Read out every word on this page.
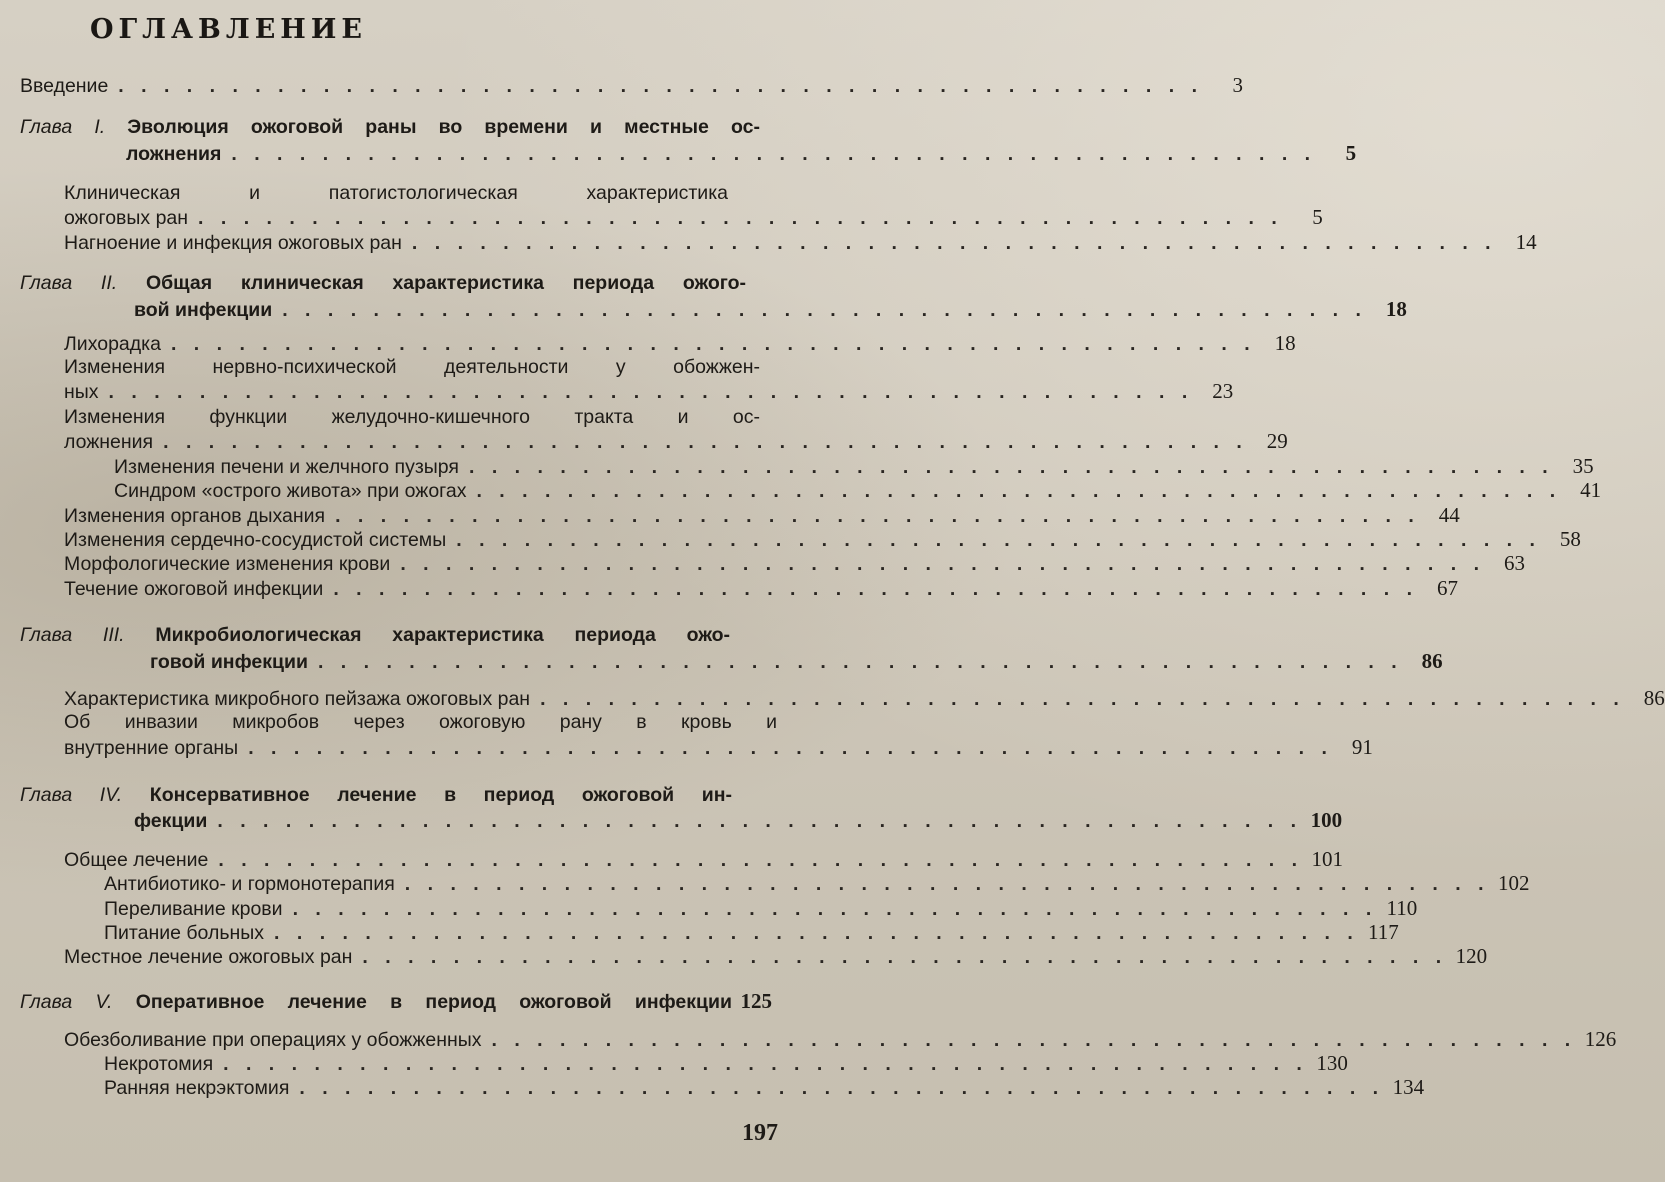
ОГЛАВЛЕНИЕ
Введение . . . . . . . . . . . . . . . . . . . . . . . . . . . . . . . . . . . . . . . . . . . . . . . .	3
Глава I. Эволюция ожоговой раны во времени и местные ос-
ложнения . . . . . . . . . . . . . . . . . . . . . . . . . . . . . . . . . . . . . . . . . . . . . . . .	5
Клиническая и патогистологическая характеристика
ожоговых ран . . . . . . . . . . . . . . . . . . . . . . . . . . . . . . . . . . . . . . . . . . . . . . . .	5
Нагноение и инфекция ожоговых ран . . . . . . . . . . . . . . . . . . . . . . . . . . . . . . . . . . . . . . . . . . . . . . . . 14
Глава II. Общая клиническая характеристика периода ожого-
вой инфекции . . . . . . . . . . . . . . . . . . . . . . . . . . . . . . . . . . . . . . . . . . . . . . . . 18
Лихорадка . . . . . . . . . . . . . . . . . . . . . . . . . . . . . . . . . . . . . . . . . . . . . . . . 18
Изменения нервно-психической деятельности у обожжен-
ных . . . . . . . . . . . . . . . . . . . . . . . . . . . . . . . . . . . . . . . . . . . . . . . . 23
Изменения функции желудочно-кишечного тракта и ос-
ложнения . . . . . . . . . . . . . . . . . . . . . . . . . . . . . . . . . . . . . . . . . . . . . . . . 29
Изменения печени и желчного пузыря . . . . . . . . . . . . . . . . . . . . . . . . . . . . . . . . . . . . . . . . . . . . . . . . 35
Синдром «острого живота» при ожогах . . . . . . . . . . . . . . . . . . . . . . . . . . . . . . . . . . . . . . . . . . . . . . . . 41
Изменения органов дыхания . . . . . . . . . . . . . . . . . . . . . . . . . . . . . . . . . . . . . . . . . . . . . . . . 44
Изменения сердечно-сосудистой системы . . . . . . . . . . . . . . . . . . . . . . . . . . . . . . . . . . . . . . . . . . . . . . . . 58
Морфологические изменения крови . . . . . . . . . . . . . . . . . . . . . . . . . . . . . . . . . . . . . . . . . . . . . . . . 63
Течение ожоговой инфекции . . . . . . . . . . . . . . . . . . . . . . . . . . . . . . . . . . . . . . . . . . . . . . . . 67
Глава III. Микробиологическая характеристика периода ожо-
говой инфекции . . . . . . . . . . . . . . . . . . . . . . . . . . . . . . . . . . . . . . . . . . . . . . . . 86
Характеристика микробного пейзажа ожоговых ран . . . . . . . . . . . . . . . . . . . . . . . . . . . . . . . . . . . . . . . . . . . . . . . . 86
Об инвазии микробов через ожоговую рану в кровь и
внутренние органы . . . . . . . . . . . . . . . . . . . . . . . . . . . . . . . . . . . . . . . . . . . . . . . . 91
Глава IV. Консервативное лечение в период ожоговой ин-
фекции . . . . . . . . . . . . . . . . . . . . . . . . . . . . . . . . . . . . . . . . . . . . . . . . 100
Общее лечение . . . . . . . . . . . . . . . . . . . . . . . . . . . . . . . . . . . . . . . . . . . . . . . . 101
Антибиотико- и гормонотерапия . . . . . . . . . . . . . . . . . . . . . . . . . . . . . . . . . . . . . . . . . . . . . . . . 102
Переливание крови . . . . . . . . . . . . . . . . . . . . . . . . . . . . . . . . . . . . . . . . . . . . . . . . 110
Питание больных . . . . . . . . . . . . . . . . . . . . . . . . . . . . . . . . . . . . . . . . . . . . . . . . 117
Местное лечение ожоговых ран . . . . . . . . . . . . . . . . . . . . . . . . . . . . . . . . . . . . . . . . . . . . . . . . 120
Глава V. Оперативное лечение в период ожоговой инфекции 125
Обезболивание при операциях у обожженных . . . . . . . . . . . . . . . . . . . . . . . . . . . . . . . . . . . . . . . . . . . . . . . . 126
Некротомия . . . . . . . . . . . . . . . . . . . . . . . . . . . . . . . . . . . . . . . . . . . . . . . . 130
Ранняя некрэктомия . . . . . . . . . . . . . . . . . . . . . . . . . . . . . . . . . . . . . . . . . . . . . . . . 134
197
